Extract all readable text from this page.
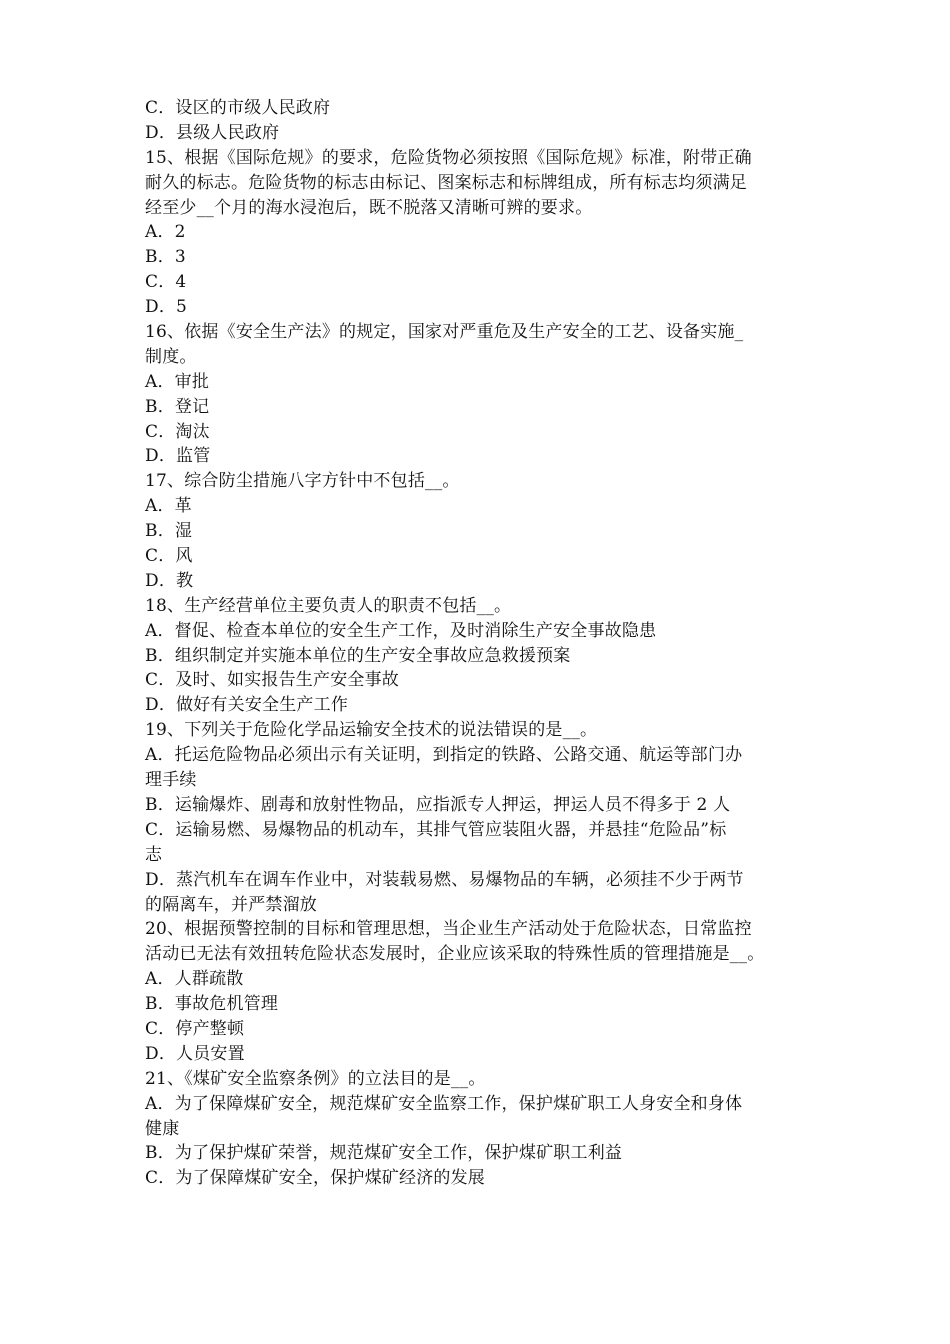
C．设区的市级人民政府
D．县级人民政府
15、根据《国际危规》的要求，危险货物必须按照《国际危规》标准，附带正确
耐久的标志。危险货物的标志由标记、图案标志和标牌组成，所有标志均须满足
经至少__个月的海水浸泡后，既不脱落又清晰可辨的要求。
A．2
B．3
C．4
D．5
16、依据《安全生产法》的规定，国家对严重危及生产安全的工艺、设备实施_
制度。
A．审批
B．登记
C．淘汰
D．监管
17、综合防尘措施八字方针中不包括__。
A．革
B．湿
C．风
D．教
18、生产经营单位主要负责人的职责不包括__。
A．督促、检查本单位的安全生产工作，及时消除生产安全事故隐患
B．组织制定并实施本单位的生产安全事故应急救援预案
C．及时、如实报告生产安全事故
D．做好有关安全生产工作
19、下列关于危险化学品运输安全技术的说法错误的是__。
A．托运危险物品必须出示有关证明，到指定的铁路、公路交通、航运等部门办
理手续
B．运输爆炸、剧毒和放射性物品，应指派专人押运，押运人员不得多于 2 人
C．运输易燃、易爆物品的机动车，其排气管应装阻火器，并悬挂“危险品”标
志
D．蒸汽机车在调车作业中，对装载易燃、易爆物品的车辆，必须挂不少于两节
的隔离车，并严禁溜放
20、根据预警控制的目标和管理思想，当企业生产活动处于危险状态，日常监控
活动已无法有效扭转危险状态发展时，企业应该采取的特殊性质的管理措施是__。
A．人群疏散
B．事故危机管理
C．停产整顿
D．人员安置
21、《煤矿安全监察条例》的立法目的是__。
A．为了保障煤矿安全，规范煤矿安全监察工作，保护煤矿职工人身安全和身体
健康
B．为了保护煤矿荣誉，规范煤矿安全工作，保护煤矿职工利益
C．为了保障煤矿安全，保护煤矿经济的发展
